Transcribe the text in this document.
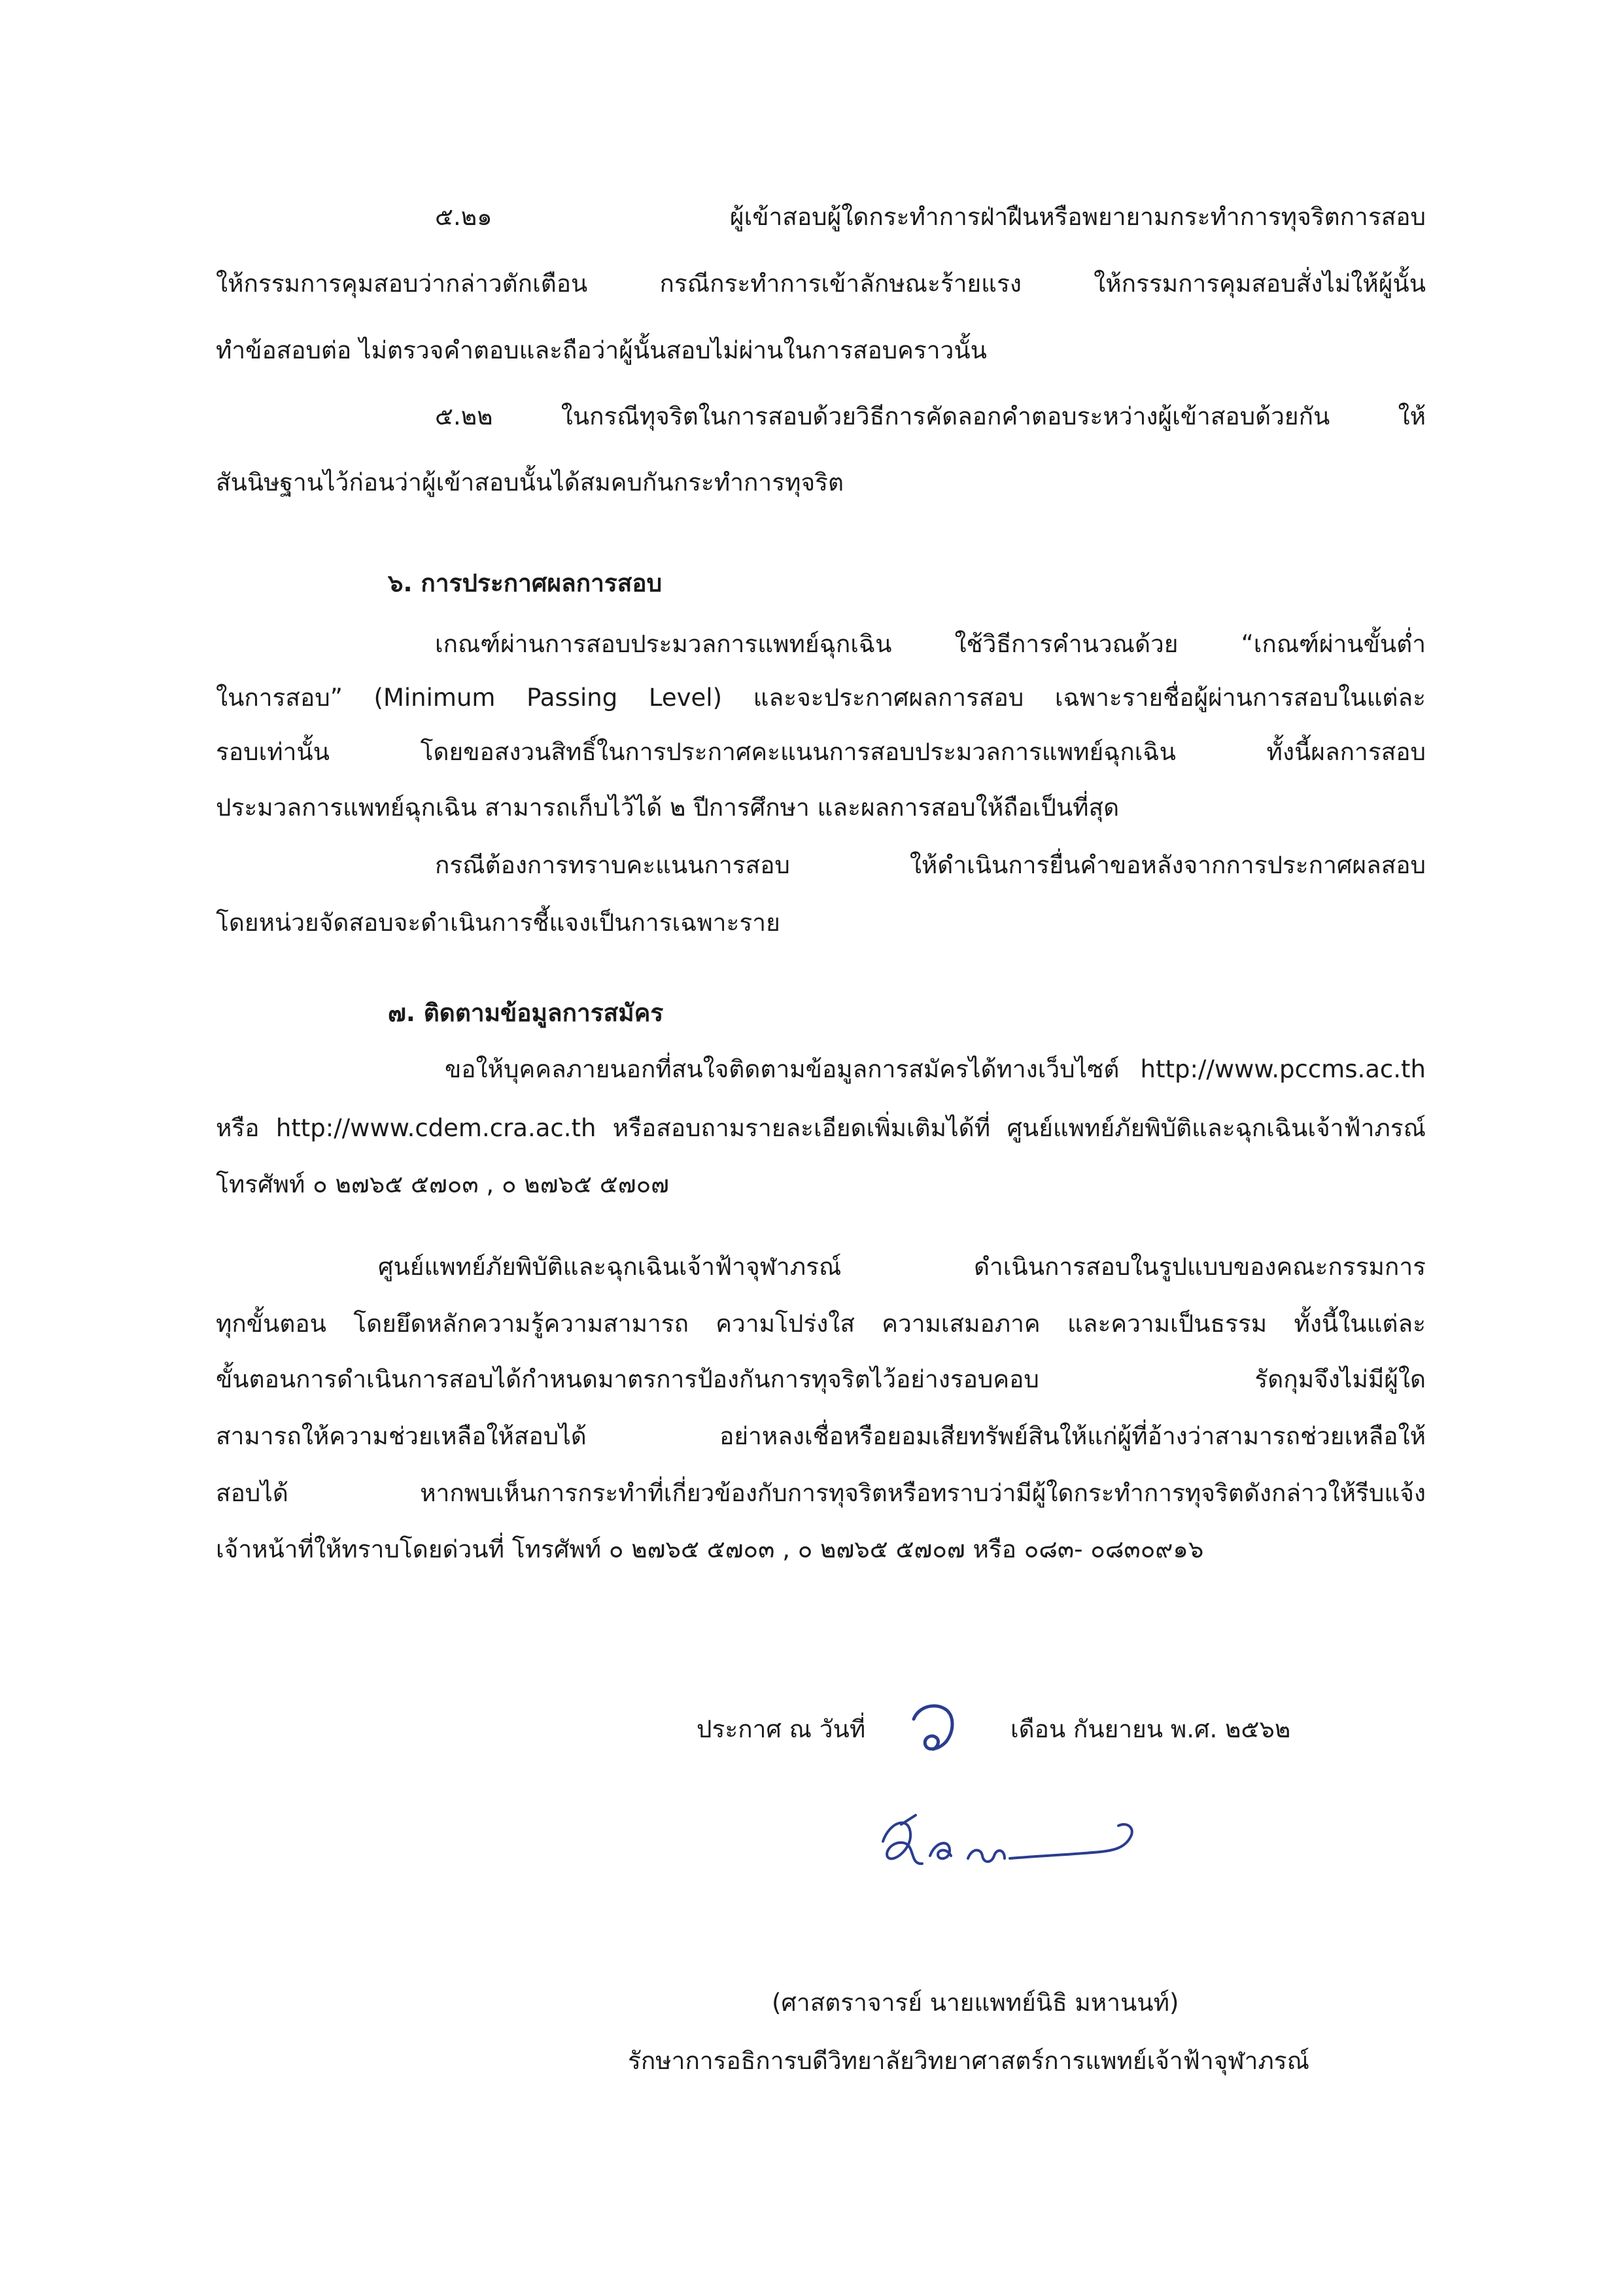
๕.๒๑ ผู้เข้าสอบผู้ใดกระทำการฝ่าฝืนหรือพยายามกระทำการทุจริตการสอบ

ให้กรรมการคุมสอบว่ากล่าวตักเตือน กรณีกระทำการเข้าลักษณะร้ายแรง ให้กรรมการคุมสอบสั่งไม่ให้ผู้นั้น

ทำข้อสอบต่อ ไม่ตรวจคำตอบและถือว่าผู้นั้นสอบไม่ผ่านในการสอบคราวนั้น

๕.๒๒ ในกรณีทุจริตในการสอบด้วยวิธีการคัดลอกคำตอบระหว่างผู้เข้าสอบด้วยกัน ให้

สันนิษฐานไว้ก่อนว่าผู้เข้าสอบนั้นได้สมคบกันกระทำการทุจริต

๖. การประกาศผลการสอบ

เกณฑ์ผ่านการสอบประมวลการแพทย์ฉุกเฉิน ใช้วิธีการคำนวณด้วย “เกณฑ์ผ่านขั้นต่ำ

ในการสอบ” (Minimum Passing Level) และจะประกาศผลการสอบ เฉพาะรายชื่อผู้ผ่านการสอบในแต่ละ

รอบเท่านั้น โดยขอสงวนสิทธิ์ในการประกาศคะแนนการสอบประมวลการแพทย์ฉุกเฉิน ทั้งนี้ผลการสอบ

ประมวลการแพทย์ฉุกเฉิน สามารถเก็บไว้ได้ ๒ ปีการศึกษา และผลการสอบให้ถือเป็นที่สุด

กรณีต้องการทราบคะแนนการสอบ ให้ดำเนินการยื่นคำขอหลังจากการประกาศผลสอบ

โดยหน่วยจัดสอบจะดำเนินการชี้แจงเป็นการเฉพาะราย

๗. ติดตามข้อมูลการสมัคร

ขอให้บุคคลภายนอกที่สนใจติดตามข้อมูลการสมัครได้ทางเว็บไซต์ http://www.pccms.ac.th

หรือ http://www.cdem.cra.ac.th หรือสอบถามรายละเอียดเพิ่มเติมได้ที่ ศูนย์แพทย์ภัยพิบัติและฉุกเฉินเจ้าฟ้าภรณ์

โทรศัพท์ ๐ ๒๗๖๕ ๕๗๐๓ , ๐ ๒๗๖๕ ๕๗๐๗

ศูนย์แพทย์ภัยพิบัติและฉุกเฉินเจ้าฟ้าจุฬาภรณ์ ดำเนินการสอบในรูปแบบของคณะกรรมการ

ทุกขั้นตอน โดยยึดหลักความรู้ความสามารถ ความโปร่งใส ความเสมอภาค และความเป็นธรรม ทั้งนี้ในแต่ละ

ขั้นตอนการดำเนินการสอบได้กำหนดมาตรการป้องกันการทุจริตไว้อย่างรอบคอบ รัดกุมจึงไม่มีผู้ใด

สามารถให้ความช่วยเหลือให้สอบได้ อย่าหลงเชื่อหรือยอมเสียทรัพย์สินให้แก่ผู้ที่อ้างว่าสามารถช่วยเหลือให้

สอบได้ หากพบเห็นการกระทำที่เกี่ยวข้องกับการทุจริตหรือทราบว่ามีผู้ใดกระทำการทุจริตดังกล่าวให้รีบแจ้ง

เจ้าหน้าที่ให้ทราบโดยด่วนที่ โทรศัพท์ ๐ ๒๗๖๕ ๕๗๐๓ , ๐ ๒๗๖๕ ๕๗๐๗ หรือ ๐๘๓- ๐๘๓๐๙๑๖

ประกาศ ณ วันที่	เดือน กันยายน พ.ศ. ๒๕๖๒

(ศาสตราจารย์ นายแพทย์นิธิ มหานนท์)

รักษาการอธิการบดีวิทยาลัยวิทยาศาสตร์การแพทย์เจ้าฟ้าจุฬาภรณ์
